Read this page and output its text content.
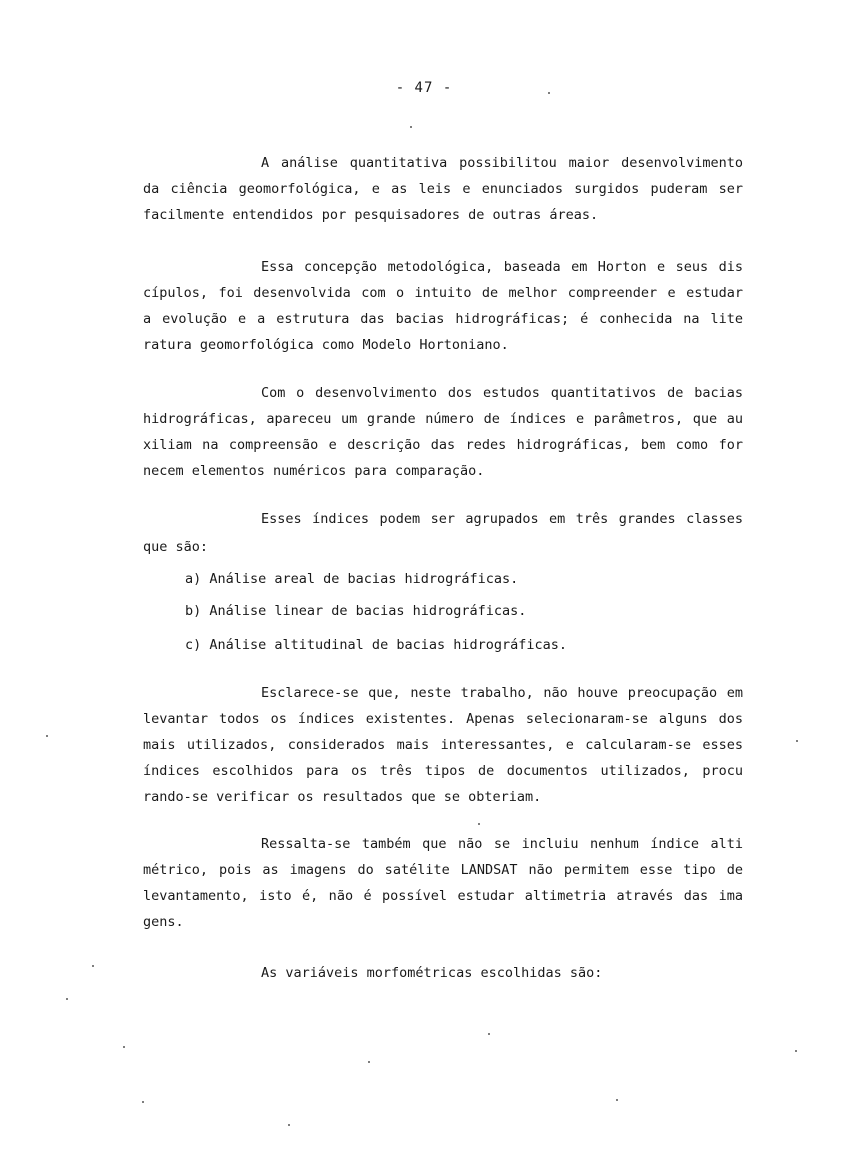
- 47 -
A análise quantitativa possibilitou maior desenvolvimento
da ciência geomorfológica, e as leis e enunciados surgidos puderam ser
facilmente entendidos por pesquisadores de outras áreas.
Essa concepção metodológica, baseada em Horton e seus dis
cípulos, foi desenvolvida com o intuito de melhor compreender e estudar
a evolução e a estrutura das bacias hidrográficas; é conhecida na lite
ratura geomorfológica como Modelo Hortoniano.
Com o desenvolvimento dos estudos quantitativos de bacias
hidrográficas, apareceu um grande número de índices e parâmetros, que au
xiliam na compreensão e descrição das redes hidrográficas, bem como for
necem elementos numéricos para comparação.
Esses índices podem ser agrupados em três grandes classes
que são:
a) Análise areal de bacias hidrográficas.
b) Análise linear de bacias hidrográficas.
c) Análise altitudinal de bacias hidrográficas.
Esclarece-se que, neste trabalho, não houve preocupação em
levantar todos os índices existentes. Apenas selecionaram-se alguns dos
mais utilizados, considerados mais interessantes, e calcularam-se esses
índices escolhidos para os três tipos de documentos utilizados, procu
rando-se verificar os resultados que se obteriam.
Ressalta-se também que não se incluiu nenhum índice alti
métrico, pois as imagens do satélite LANDSAT não permitem esse tipo de
levantamento, isto é, não é possível estudar altimetria através das ima
gens.
As variáveis morfométricas escolhidas são:
